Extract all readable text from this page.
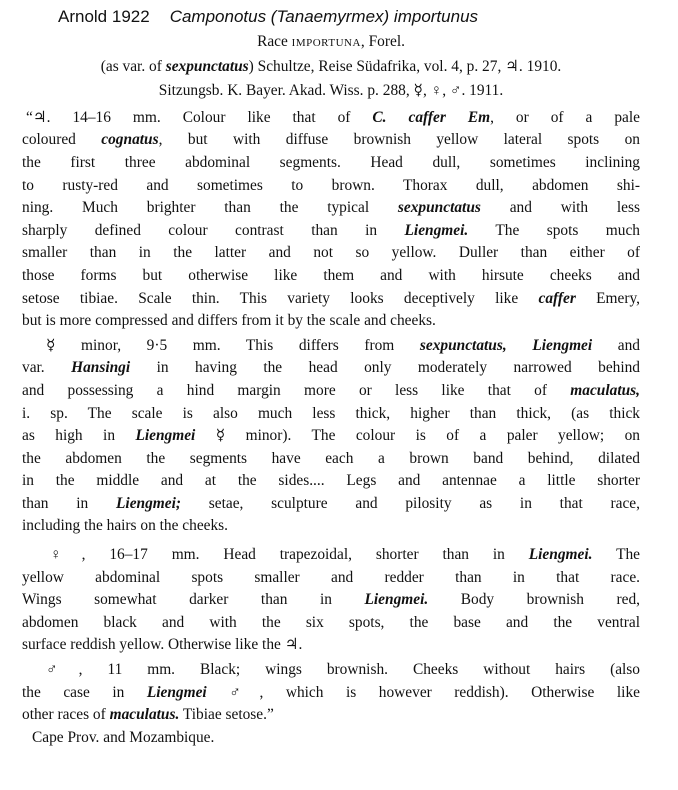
Arnold 1922 Camponotus (Tanaemyrmex) importunus
Race importuna, Forel.
(as var. of sexpunctatus) Schultze, Reise Südafrika, vol. 4, p. 27, ♃. 1910.
Sitzungsb. K. Bayer. Akad. Wiss. p. 288, ☿, ♀, ♂. 1911.
“♃. 14–16 mm. Colour like that of C. caffer Em, or of a pale
coloured cognatus, but with diffuse brownish yellow lateral spots on
the first three abdominal segments. Head dull, sometimes inclining
to rusty-red and sometimes to brown. Thorax dull, abdomen shi-
ning. Much brighter than the typical sexpunctatus and with less
sharply defined colour contrast than in Liengmei. The spots much
smaller than in the latter and not so yellow. Duller than either of
those forms but otherwise like them and with hirsute cheeks and
setose tibiae. Scale thin. This variety looks deceptively like caffer Emery,
but is more compressed and differs from it by the scale and cheeks.
☿ minor, 9·5 mm. This differs from sexpunctatus, Liengmei and
var. Hansingi in having the head only moderately narrowed behind
and possessing a hind margin more or less like that of maculatus,
i. sp. The scale is also much less thick, higher than thick, (as thick
as high in Liengmei ☿ minor). The colour is of a paler yellow; on
the abdomen the segments have each a brown band behind, dilated
in the middle and at the sides.... Legs and antennae a little shorter
than in Liengmei; setae, sculpture and pilosity as in that race,
including the hairs on the cheeks.
♀, 16–17 mm. Head trapezoidal, shorter than in Liengmei. The
yellow abdominal spots smaller and redder than in that race.
Wings somewhat darker than in Liengmei. Body brownish red,
abdomen black and with the six spots, the base and the ventral
surface reddish yellow. Otherwise like the ♃.
♂, 11 mm. Black; wings brownish. Cheeks without hairs (also
the case in Liengmei ♂, which is however reddish). Otherwise like
other races of maculatus. Tibiae setose.”
Cape Prov. and Mozambique.
